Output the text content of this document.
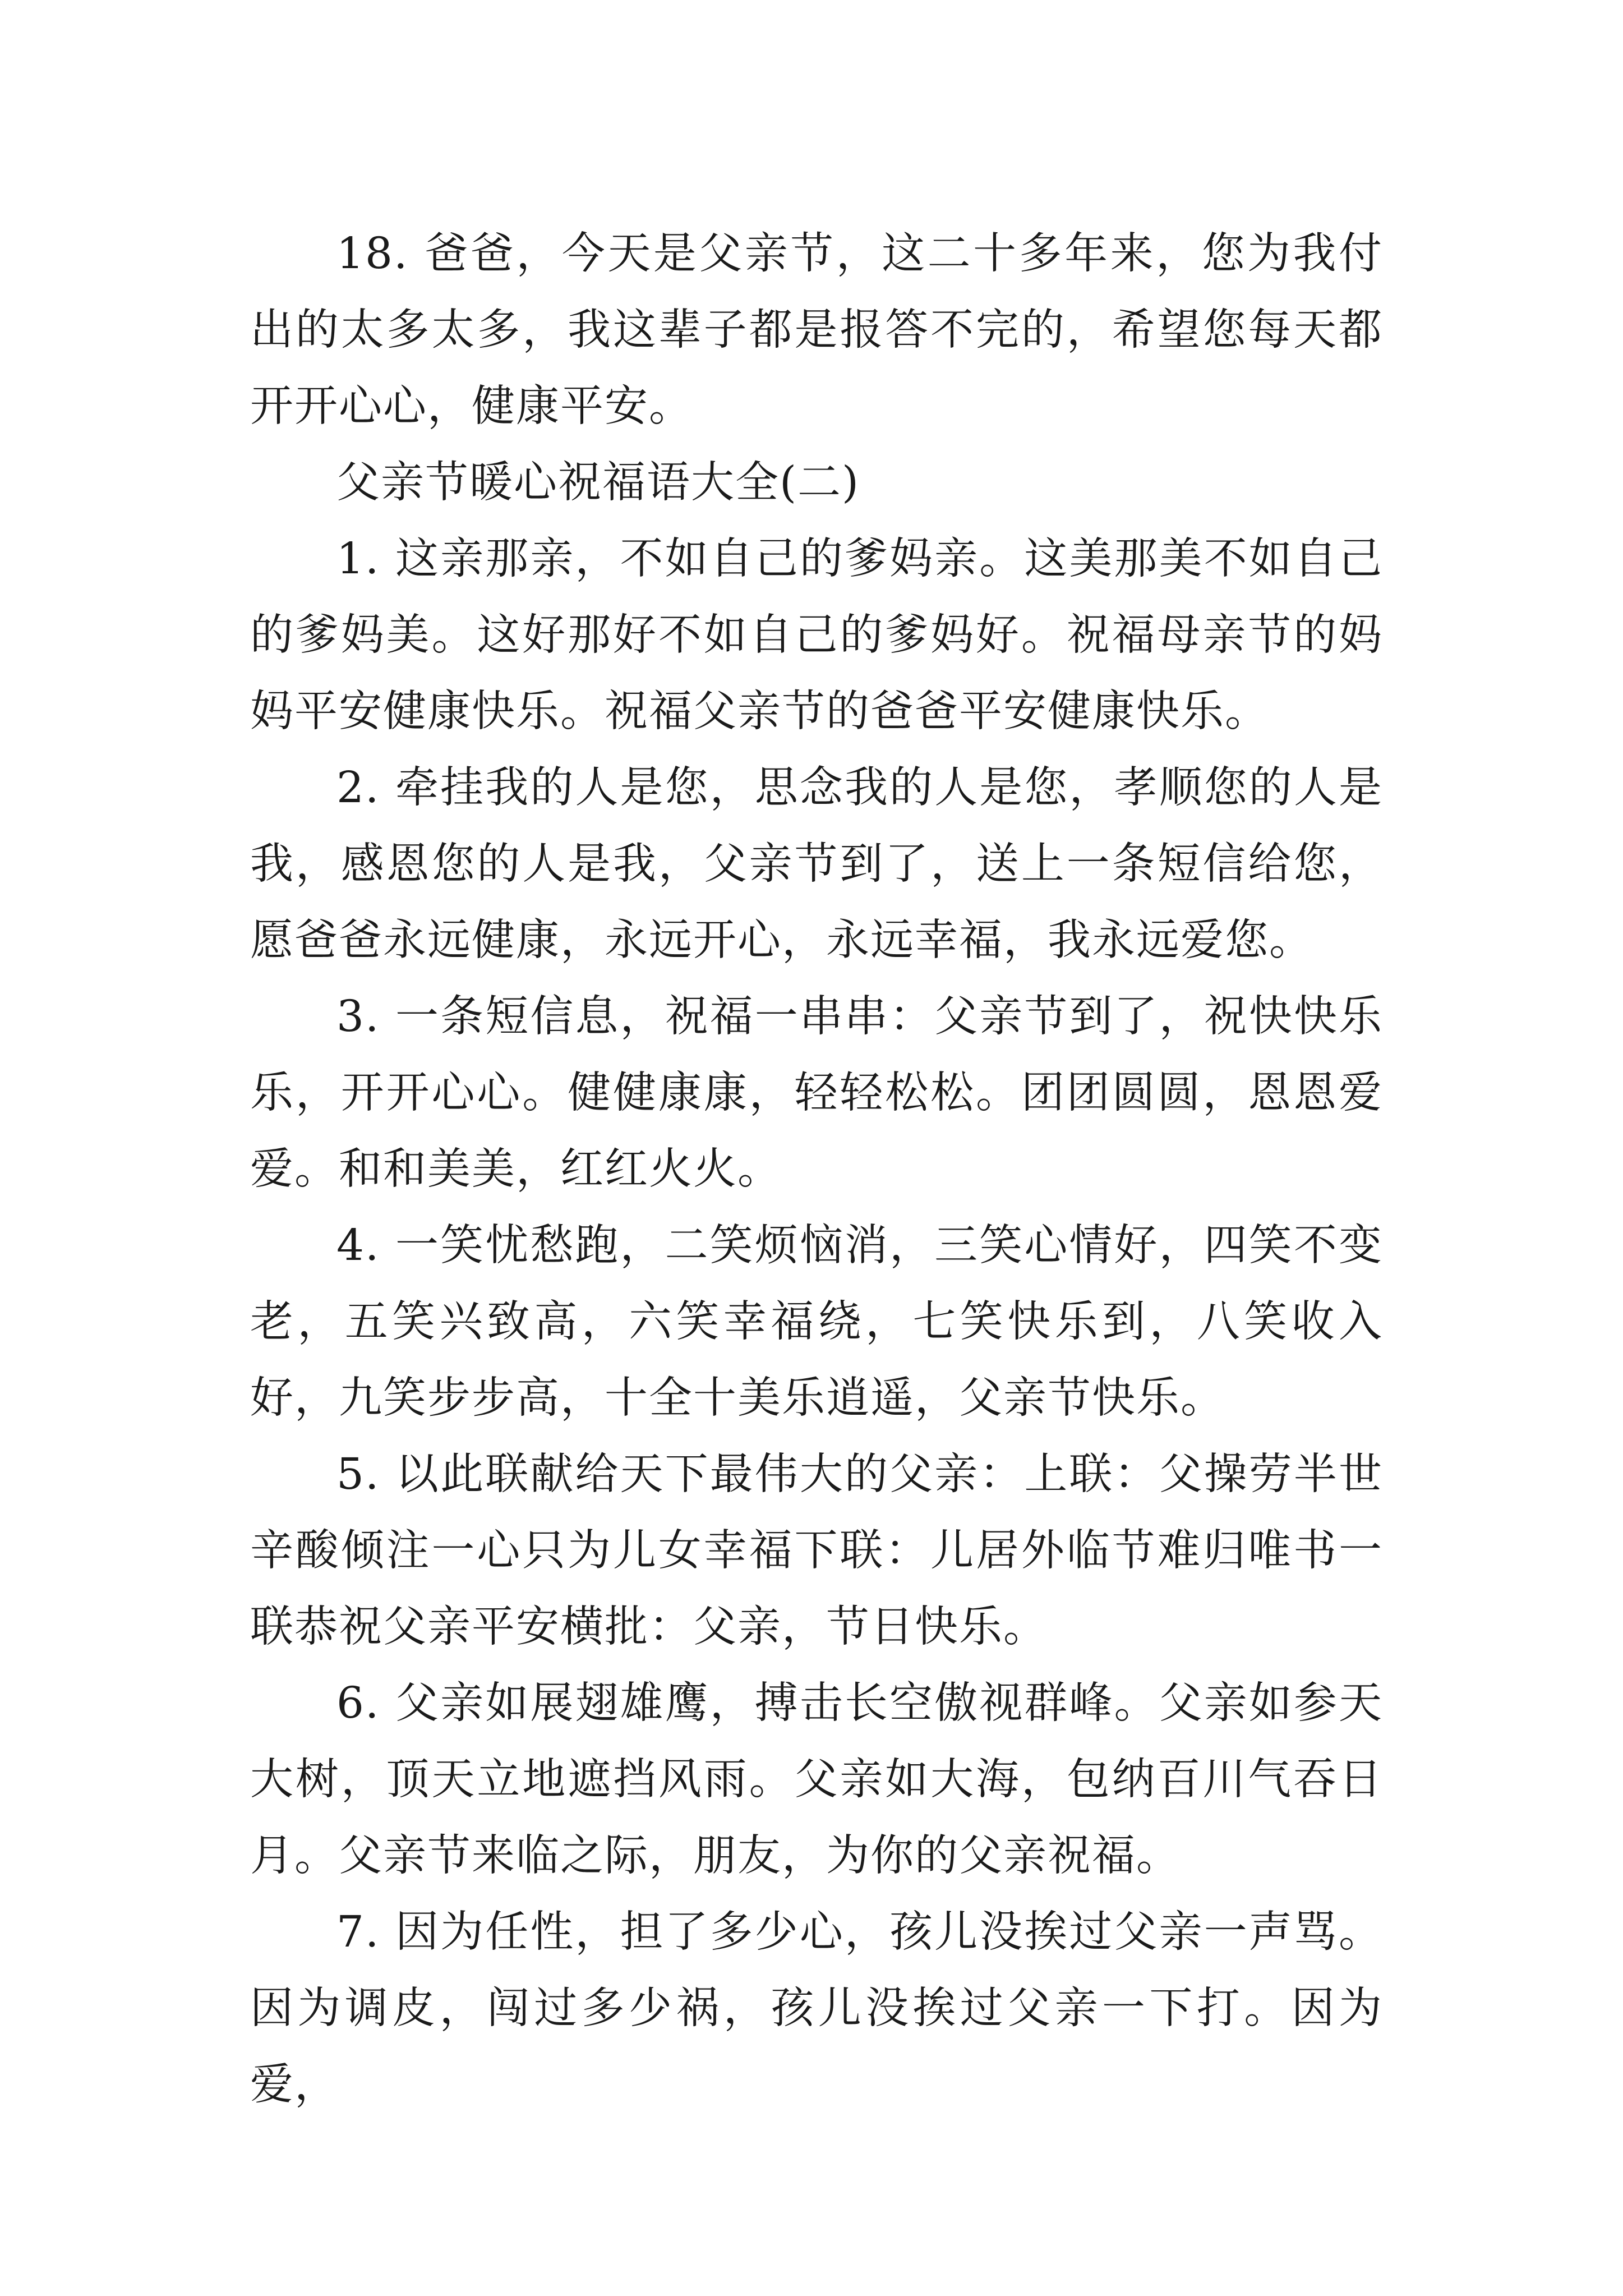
18. 爸爸，今天是父亲节，这二十多年来，您为我付出的太多太多，我这辈子都是报答不完的，希望您每天都开开心心，健康平安。

父亲节暖心祝福语大全(二)

1. 这亲那亲，不如自己的爹妈亲。这美那美不如自己的爹妈美。这好那好不如自己的爹妈好。祝福母亲节的妈妈平安健康快乐。祝福父亲节的爸爸平安健康快乐。

2. 牵挂我的人是您，思念我的人是您，孝顺您的人是我，感恩您的人是我，父亲节到了，送上一条短信给您，愿爸爸永远健康，永远开心，永远幸福，我永远爱您。

3. 一条短信息，祝福一串串：父亲节到了，祝快快乐乐，开开心心。健健康康，轻轻松松。团团圆圆，恩恩爱爱。和和美美，红红火火。

4. 一笑忧愁跑，二笑烦恼消，三笑心情好，四笑不变老，五笑兴致高，六笑幸福绕，七笑快乐到，八笑收入好，九笑步步高，十全十美乐逍遥，父亲节快乐。

5. 以此联献给天下最伟大的父亲：上联：父操劳半世辛酸倾注一心只为儿女幸福下联：儿居外临节难归唯书一联恭祝父亲平安横批：父亲，节日快乐。

6. 父亲如展翅雄鹰，搏击长空傲视群峰。父亲如参天大树，顶天立地遮挡风雨。父亲如大海，包纳百川气吞日月。父亲节来临之际，朋友，为你的父亲祝福。

7. 因为任性，担了多少心，孩儿没挨过父亲一声骂。因为调皮，闯过多少祸，孩儿没挨过父亲一下打。因为爱，
